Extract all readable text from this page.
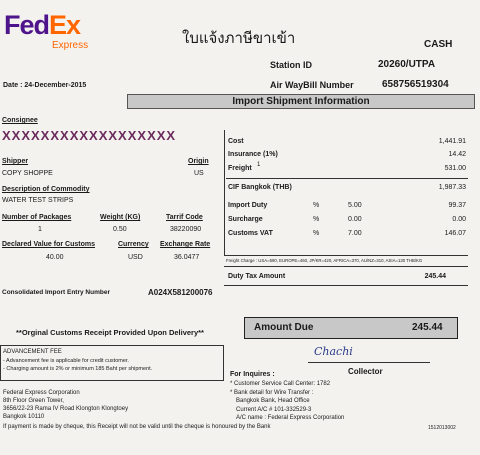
FedEx
Express	ใบแจ้งภาษีขาเข้า	CASH
Station ID	20260/UTPA
Date : 24-December-2015	Air WayBill Number	658756519304
Import Shipment Information
Consignee
XXXXXXXXXXXXXXXXXX
Shipper	Origin
COPY SHOPPE	US
Description of Commodity
WATER TEST STRIPS
Number of Packages	Weight (KG)	Tarrif Code
1	0.50	38220090
Declared Value for Customs	Currency Exchange Rate
40.00	USD	36.0477
Cost	1,441.91
Insurance (1%)	14.42
Freight 1	531.00
CIF Bangkok (THB)	1,987.33
Import Duty	%	5.00	99.37
Surcharge	%	0.00	0.00
Customs VAT	%	7.00	146.07
Freight Charge : USA=590, EUROPE=460, JP/KR=420, AFRICA=370, AU/NZ=310, ASIA=130 THB/KG
Duty Tax Amount	245.44
Consolidated Import Entry Number	A024X581200076
**Orginal Customs Receipt Provided Upon Delivery**	Amount Due	245.44
ADVANCEMENT FEE
- Advancement fee is applicable for credit customer.
- Charging amount is 2% or minimum 185 Baht per shipment.
Chachi
Collector
Federal Express Corporation
8th Floor Green Tower,
3656/22-23 Rama IV Road Klongton Klongtoey
Bangkok 10110
For Inquires :
* Customer Service Call Center: 1782
* Bank detail for Wire Transfer :
Bangkok Bank, Head Office
Current A/C # 101-332529-3
A/C name : Federal Express Corporation
If payment is made by cheque, this Receipt will not be valid until the cheque is honoured by the Bank	1512013002
